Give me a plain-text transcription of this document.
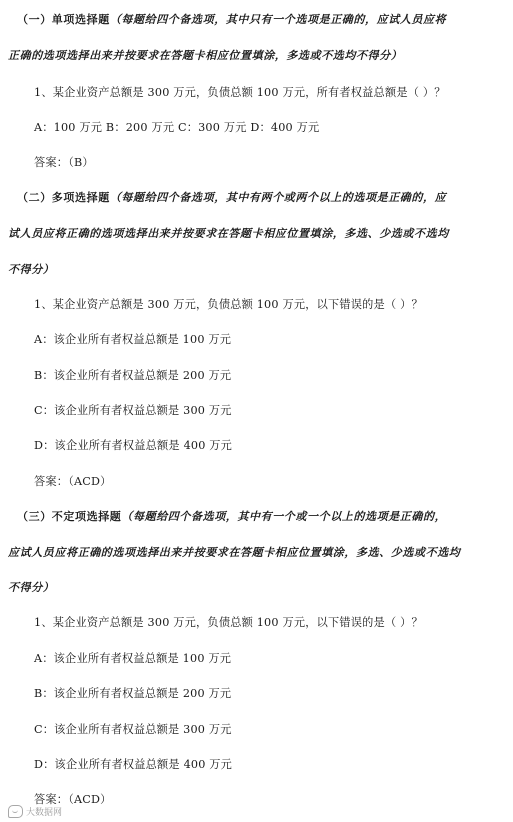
（一）单项选择题（每题给四个备选项，其中只有一个选项是正确的，应试人员应将
正确的选项选择出来并按要求在答题卡相应位置填涂，多选或不选均不得分）
1、某企业资产总额是 300 万元，负债总额 100 万元，所有者权益总额是（ ）？
A：100 万元 B：200 万元 C：300 万元 D：400 万元
答案：（B）
（二）多项选择题（每题给四个备选项，其中有两个或两个以上的选项是正确的，应
试人员应将正确的选项选择出来并按要求在答题卡相应位置填涂，多选、少选或不选均
不得分）
1、某企业资产总额是 300 万元，负债总额 100 万元，以下错误的是（ ）？
A：该企业所有者权益总额是 100 万元
B：该企业所有者权益总额是 200 万元
C：该企业所有者权益总额是 300 万元
D：该企业所有者权益总额是 400 万元
答案：（ACD）
（三）不定项选择题（每题给四个备选项，其中有一个或一个以上的选项是正确的，
应试人员应将正确的选项选择出来并按要求在答题卡相应位置填涂，多选、少选或不选均
不得分）
1、某企业资产总额是 300 万元，负债总额 100 万元，以下错误的是（ ）？
A：该企业所有者权益总额是 100 万元
B：该企业所有者权益总额是 200 万元
C：该企业所有者权益总额是 300 万元
D：该企业所有者权益总额是 400 万元
答案：（ACD）
大数据网
